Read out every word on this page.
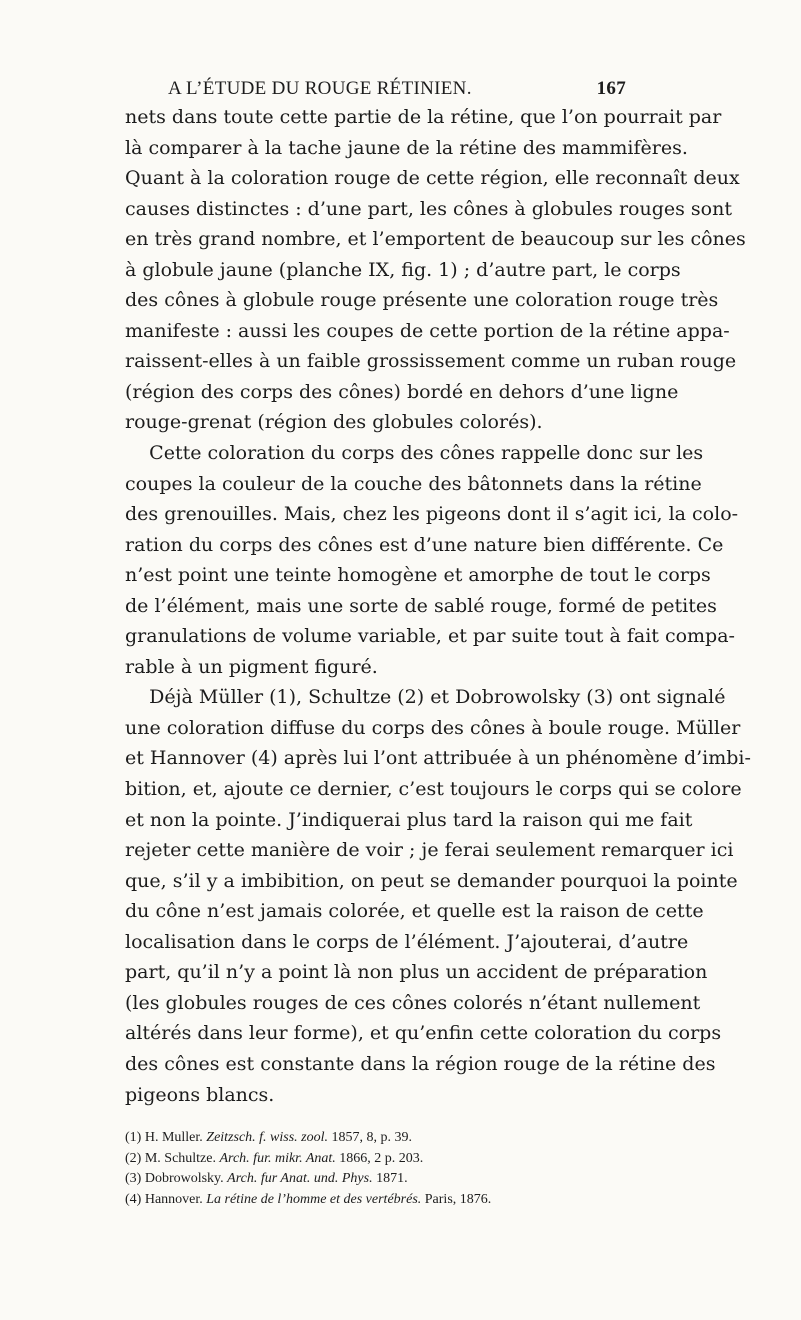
A L’ÉTUDE DU ROUGE RÉTINIEN.	167
nets dans toute cette partie de la rétine, que l’on pourrait par
là comparer à la tache jaune de la rétine des mammifères.
Quant à la coloration rouge de cette région, elle reconnaît deux
causes distinctes : d’une part, les cônes à globules rouges sont
en très grand nombre, et l’emportent de beaucoup sur les cônes
à globule jaune (planche IX, fig. 1) ; d’autre part, le corps
des cônes à globule rouge présente une coloration rouge très
manifeste : aussi les coupes de cette portion de la rétine appa-
raissent-elles à un faible grossissement comme un ruban rouge
(région des corps des cônes) bordé en dehors d’une ligne
rouge-grenat (région des globules colorés).
Cette coloration du corps des cônes rappelle donc sur les
coupes la couleur de la couche des bâtonnets dans la rétine
des grenouilles. Mais, chez les pigeons dont il s’agit ici, la colo-
ration du corps des cônes est d’une nature bien différente. Ce
n’est point une teinte homogène et amorphe de tout le corps
de l’élément, mais une sorte de sablé rouge, formé de petites
granulations de volume variable, et par suite tout à fait compa-
rable à un pigment figuré.
Déjà Müller (1), Schultze (2) et Dobrowolsky (3) ont signalé
une coloration diffuse du corps des cônes à boule rouge. Müller
et Hannover (4) après lui l’ont attribuée à un phénomène d’imbi-
bition, et, ajoute ce dernier, c’est toujours le corps qui se colore
et non la pointe. J’indiquerai plus tard la raison qui me fait
rejeter cette manière de voir ; je ferai seulement remarquer ici
que, s’il y a imbibition, on peut se demander pourquoi la pointe
du cône n’est jamais colorée, et quelle est la raison de cette
localisation dans le corps de l’élément. J’ajouterai, d’autre
part, qu’il n’y a point là non plus un accident de préparation
(les globules rouges de ces cônes colorés n’étant nullement
altérés dans leur forme), et qu’enfin cette coloration du corps
des cônes est constante dans la région rouge de la rétine des
pigeons blancs.
(1) H. Muller. Zeitzsch. f. wiss. zool. 1857, 8, p. 39.
(2) M. Schultze. Arch. fur. mikr. Anat. 1866, 2 p. 203.
(3) Dobrowolsky. Arch. fur Anat. und. Phys. 1871.
(4) Hannover. La rétine de l’homme et des vertébrés. Paris, 1876.
